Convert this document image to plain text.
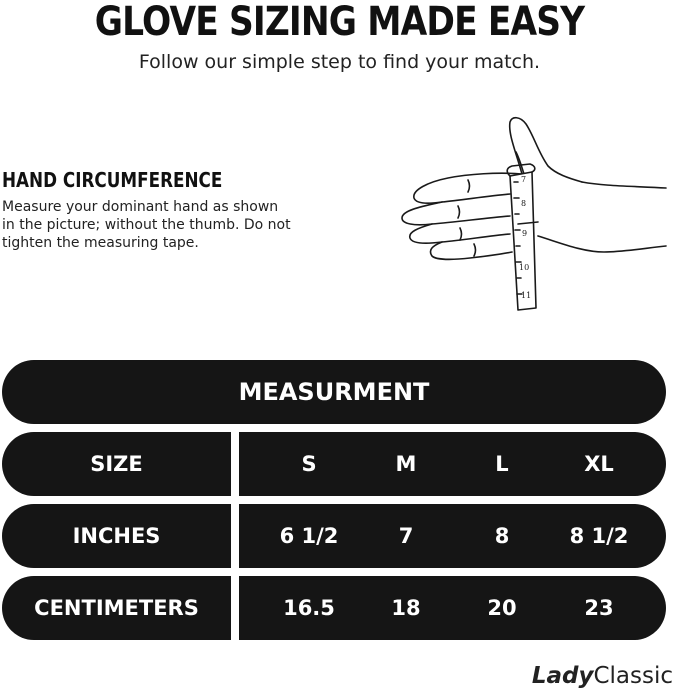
GLOVE SIZING MADE EASY
Follow our simple step to find your match.
HAND CIRCUMFERENCE
Measure your dominant hand as shown
in the picture; without the thumb. Do not
tighten the measuring tape.
7
8
9
10
11
MEASURMENT
SIZE	S	M	L	XL
INCHES	6 1/2	7	8	8 1/2
CENTIMETERS	16.5	18	20	23
LadyClassic
